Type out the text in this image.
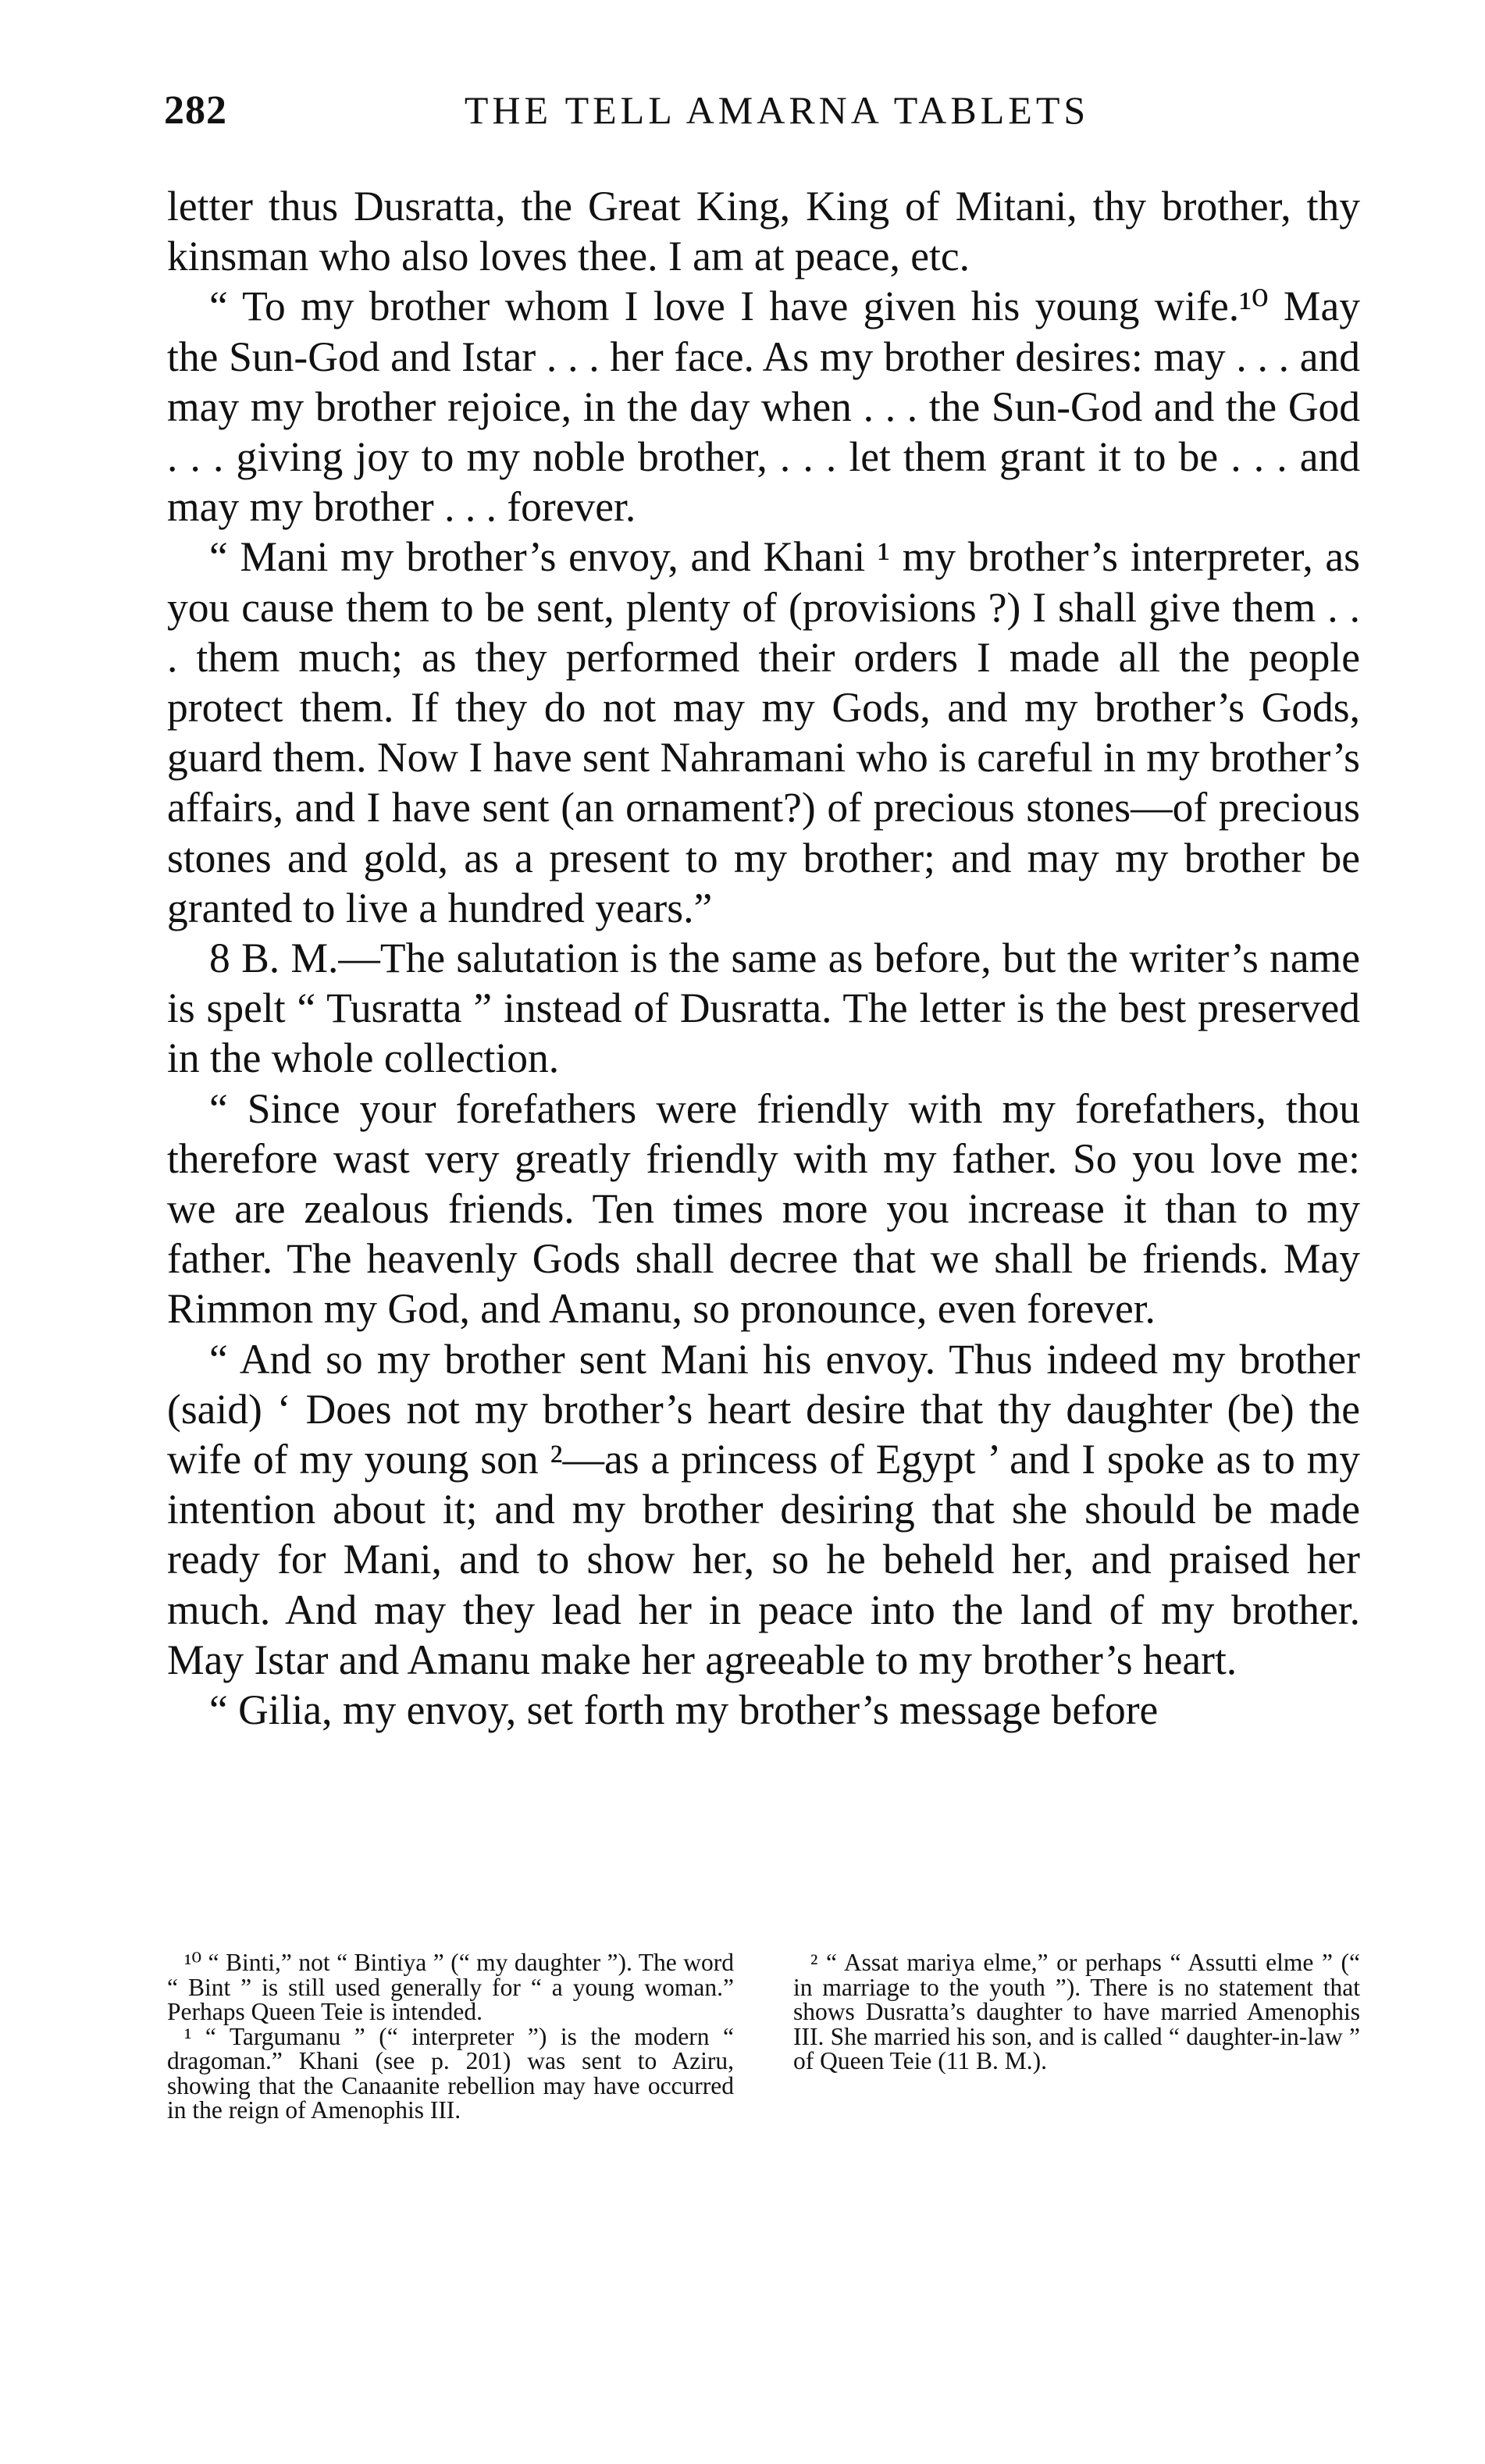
282	THE TELL AMARNA TABLETS

letter thus Dusratta, the Great King, King of Mitani, thy brother, thy kinsman who also loves thee. I am at peace, etc.

“ To my brother whom I love I have given his young wife.¹⁰ May the Sun-God and Istar . . . her face. As my brother desires: may . . . and may my brother rejoice, in the day when . . . the Sun-God and the God . . . giving joy to my noble brother, . . . let them grant it to be . . . and may my brother . . . forever.

“ Mani my brother’s envoy, and Khani ¹ my brother’s interpreter, as you cause them to be sent, plenty of (provisions ?) I shall give them . . . them much; as they performed their orders I made all the people protect them. If they do not may my Gods, and my brother’s Gods, guard them. Now I have sent Nahramani who is careful in my brother’s affairs, and I have sent (an ornament?) of precious stones—of precious stones and gold, as a present to my brother; and may my brother be granted to live a hundred years.”

8 B. M.—The salutation is the same as before, but the writer’s name is spelt “ Tusratta ” instead of Dusratta. The letter is the best preserved in the whole collection.

“ Since your forefathers were friendly with my forefathers, thou therefore wast very greatly friendly with my father. So you love me: we are zealous friends. Ten times more you increase it than to my father. The heavenly Gods shall decree that we shall be friends. May Rimmon my God, and Amanu, so pronounce, even forever.

“ And so my brother sent Mani his envoy. Thus indeed my brother (said) ‘ Does not my brother’s heart desire that thy daughter (be) the wife of my young son ²—as a princess of Egypt ’ and I spoke as to my intention about it; and my brother desiring that she should be made ready for Mani, and to show her, so he beheld her, and praised her much. And may they lead her in peace into the land of my brother. May Istar and Amanu make her agreeable to my brother’s heart.

“ Gilia, my envoy, set forth my brother’s message before

¹⁰ “ Binti,” not “ Bintiya ” (“ my daughter ”). The word “ Bint ” is still used generally for “ a young woman.” Perhaps Queen Teie is intended.

¹ “ Targumanu ” (“ interpreter ”) is the modern “ dragoman.” Khani (see p. 201) was sent to Aziru, showing that the Canaanite rebellion may have occurred in the reign of Amenophis III.

² “ Assat mariya elme,” or perhaps “ Assutti elme ” (“ in marriage to the youth ”). There is no statement that shows Dusratta’s daughter to have married Amenophis III. She married his son, and is called “ daughter-in-law ” of Queen Teie (11 B. M.).
